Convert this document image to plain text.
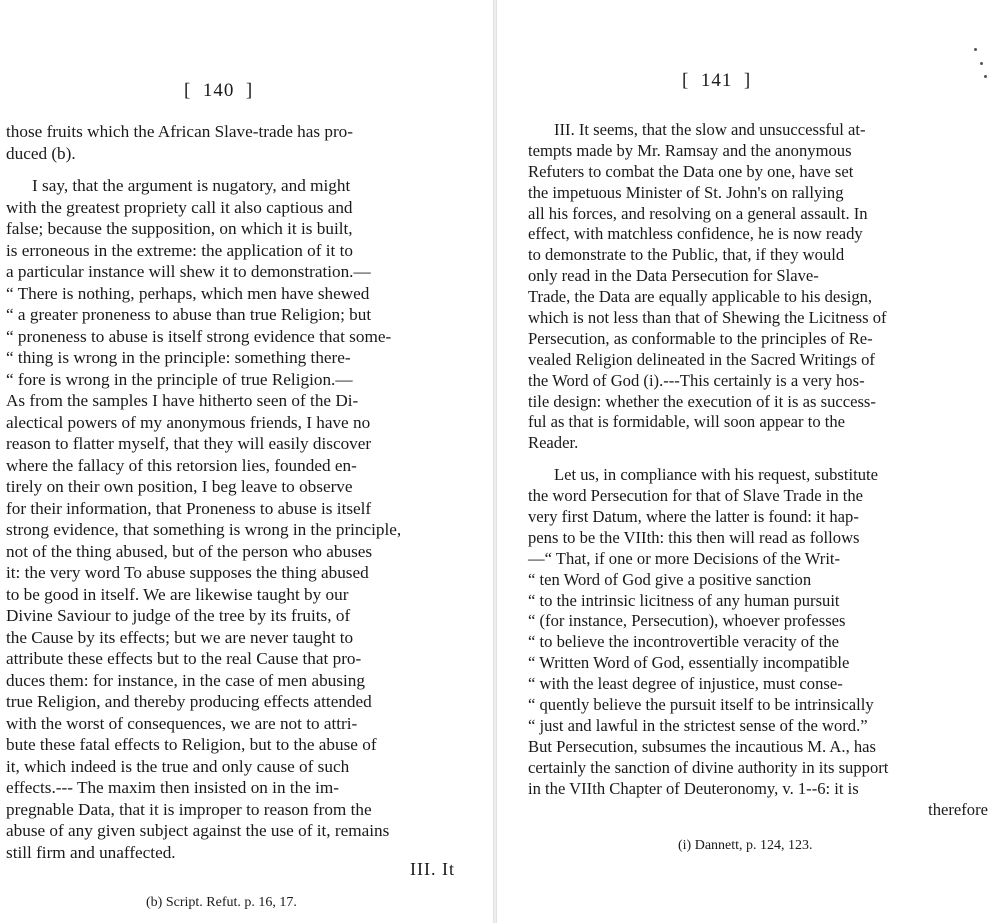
[  140  ]
those fruits which the African Slave-trade has pro-
duced (b).
I say, that the argument is nugatory, and might
with the greatest propriety call it also captious and
false; because the supposition, on which it is built,
is erroneous in the extreme: the application of it to
a particular instance will shew it to demonstration.—
“ There is nothing, perhaps, which men have shewed
“ a greater proneness to abuse than true Religion; but
“ proneness to abuse is itself strong evidence that some-
“ thing is wrong in the principle: something there-
“ fore is wrong in the principle of true Religion.—
As from the samples I have hitherto seen of the Di-
alectical powers of my anonymous friends, I have no
reason to flatter myself, that they will easily discover
where the fallacy of this retorsion lies, founded en-
tirely on their own position, I beg leave to observe
for their information, that Proneness to abuse is itself
strong evidence, that something is wrong in the principle,
not of the thing abused, but of the person who abuses
it: the very word To abuse supposes the thing abused
to be good in itself. We are likewise taught by our
Divine Saviour to judge of the tree by its fruits, of
the Cause by its effects; but we are never taught to
attribute these effects but to the real Cause that pro-
duces them: for instance, in the case of men abusing
true Religion, and thereby producing effects attended
with the worst of consequences, we are not to attri-
bute these fatal effects to Religion, but to the abuse of
it, which indeed is the true and only cause of such
effects.--- The maxim then insisted on in the im-
pregnable Data, that it is improper to reason from the
abuse of any given subject against the use of it, remains
still firm and unaffected.
III. It
(b) Script. Refut. p. 16, 17.
[  141  ]
III. It seems, that the slow and unsuccessful at-
tempts made by Mr. Ramsay and the anonymous
Refuters to combat the Data one by one, have set
the impetuous Minister of St. John's on rallying
all his forces, and resolving on a general assault. In
effect, with matchless confidence, he is now ready
to demonstrate to the Public, that, if they would
only read in the Data Persecution for Slave-
Trade, the Data are equally applicable to his design,
which is not less than that of Shewing the Licitness of
Persecution, as conformable to the principles of Re-
vealed Religion delineated in the Sacred Writings of
the Word of God (i).---This certainly is a very hos-
tile design: whether the execution of it is as success-
ful as that is formidable, will soon appear to the
Reader.
Let us, in compliance with his request, substitute
the word Persecution for that of Slave Trade in the
very first Datum, where the latter is found: it hap-
pens to be the VIIth: this then will read as follows
—“ That, if one or more Decisions of the Writ-
“ ten Word of God give a positive sanction
“ to the intrinsic licitness of any human pursuit
“ (for instance, Persecution), whoever professes
“ to believe the incontrovertible veracity of the
“ Written Word of God, essentially incompatible
“ with the least degree of injustice, must conse-
“ quently believe the pursuit itself to be intrinsically
“ just and lawful in the strictest sense of the word.”
But Persecution, subsumes the incautious M. A., has
certainly the sanction of divine authority in its support
in the VIIth Chapter of Deuteronomy, v. 1--6: it is
therefore
(i) Dannett, p. 124, 123.
